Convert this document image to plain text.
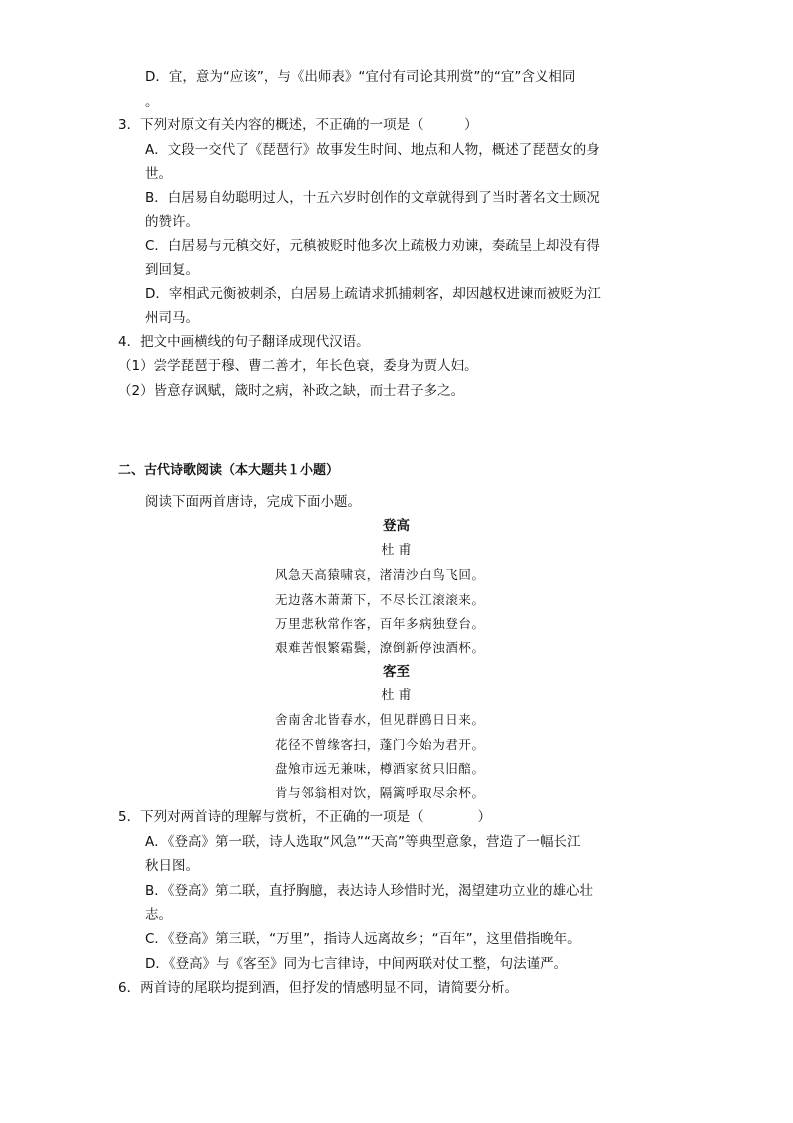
D．宜，意为“应该”，与《出师表》“宜付有司论其刑赏”的“宜”含义相同
。
3．下列对原文有关内容的概述，不正确的一项是（　　　）
A．文段一交代了《琵琶行》故事发生时间、地点和人物，概述了琵琶女的身
世。
B．白居易自幼聪明过人，十五六岁时创作的文章就得到了当时著名文士顾况
的赞许。
C．白居易与元稹交好，元稹被贬时他多次上疏极力劝谏，奏疏呈上却没有得
到回复。
D．宰相武元衡被刺杀，白居易上疏请求抓捕刺客，却因越权进谏而被贬为江
州司马。
4．把文中画横线的句子翻译成现代汉语。
（1）尝学琵琶于穆、曹二善才，年长色衰，委身为贾人妇。
（2）皆意存讽赋，箴时之病，补政之缺，而士君子多之。
二、古代诗歌阅读（本大题共１小题）
阅读下面两首唐诗，完成下面小题。
登高
杜 甫
风急天高猿啸哀，渚清沙白鸟飞回。
无边落木萧萧下，不尽长江滚滚来。
万里悲秋常作客，百年多病独登台。
艰难苦恨繁霜鬓，潦倒新停浊酒杯。
客至
杜 甫
舍南舍北皆春水，但见群鸥日日来。
花径不曾缘客扫，蓬门今始为君开。
盘飧市远无兼味，樽酒家贫只旧醅。
肯与邻翁相对饮，隔篱呼取尽余杯。
5．下列对两首诗的理解与赏析，不正确的一项是（　　　　）
A．《登高》第一联，诗人选取“风急”“天高”等典型意象，营造了一幅长江
秋日图。
B．《登高》第二联，直抒胸臆，表达诗人珍惜时光，渴望建功立业的雄心壮
志。
C．《登高》第三联，“万里”，指诗人远离故乡；“百年”，这里借指晚年。
D．《登高》与《客至》同为七言律诗，中间两联对仗工整，句法谨严。
6．两首诗的尾联均提到酒，但抒发的情感明显不同，请简要分析。
